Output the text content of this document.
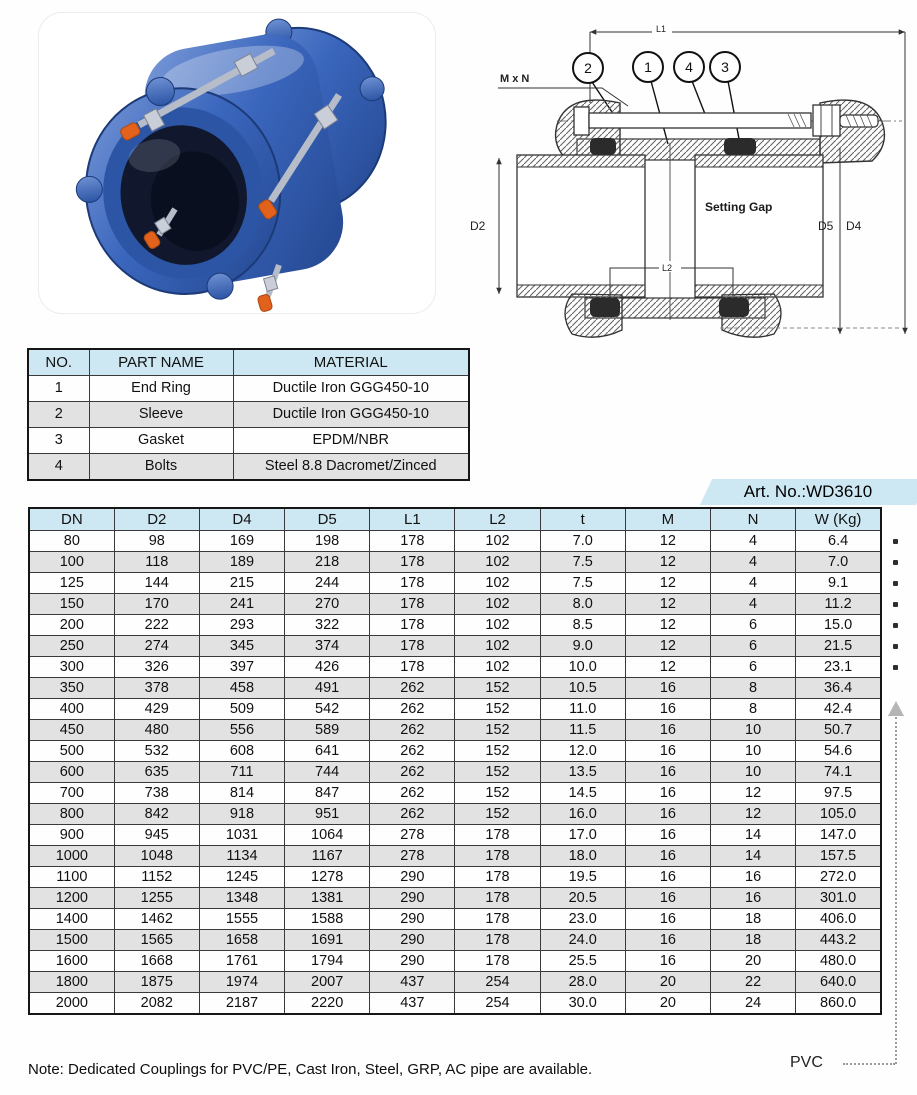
L1
M x N
2	1 4 3
Setting Gap
D2
L2
D5 D4
NO.	PART NAME	MATERIAL
1	End Ring	Ductile Iron GGG450-10
2	Sleeve	Ductile Iron GGG450-10
3	Gasket	EPDM/NBR
4	Bolts	Steel 8.8 Dacromet/Zinced
Art. No.:WD3610
DN	D2	D4	D5	L1	L2	t	M	N	W (Kg)
80	98	169	198	178	102	7.0	12	4	6.4
100	118	189	218	178	102	7.5	12	4	7.0
125	144	215	244	178	102	7.5	12	4	9.1
150	170	241	270	178	102	8.0	12	4	11.2
200	222	293	322	178	102	8.5	12	6	15.0
250	274	345	374	178	102	9.0	12	6	21.5
300	326	397	426	178	102	10.0	12	6	23.1
350	378	458	491	262	152	10.5	16	8	36.4
400	429	509	542	262	152	11.0	16	8	42.4
450	480	556	589	262	152	11.5	16	10	50.7
500	532	608	641	262	152	12.0	16	10	54.6
600	635	711	744	262	152	13.5	16	10	74.1
700	738	814	847	262	152	14.5	16	12	97.5
800	842	918	951	262	152	16.0	16	12	105.0
900	945	1031	1064	278	178	17.0	16	14	147.0
1000	1048	1134	1167	278	178	18.0	16	14	157.5
1100	1152	1245	1278	290	178	19.5	16	16	272.0
1200	1255	1348	1381	290	178	20.5	16	16	301.0
1400	1462	1555	1588	290	178	23.0	16	18	406.0
1500	1565	1658	1691	290	178	24.0	16	18	443.2
1600	1668	1761	1794	290	178	25.5	16	20	480.0
1800	1875	1974	2007	437	254	28.0	20	22	640.0
2000	2082	2187	2220	437	254	30.0	20	24	860.0
PVC
Note: Dedicated Couplings for PVC/PE, Cast Iron, Steel, GRP, AC pipe are available.
